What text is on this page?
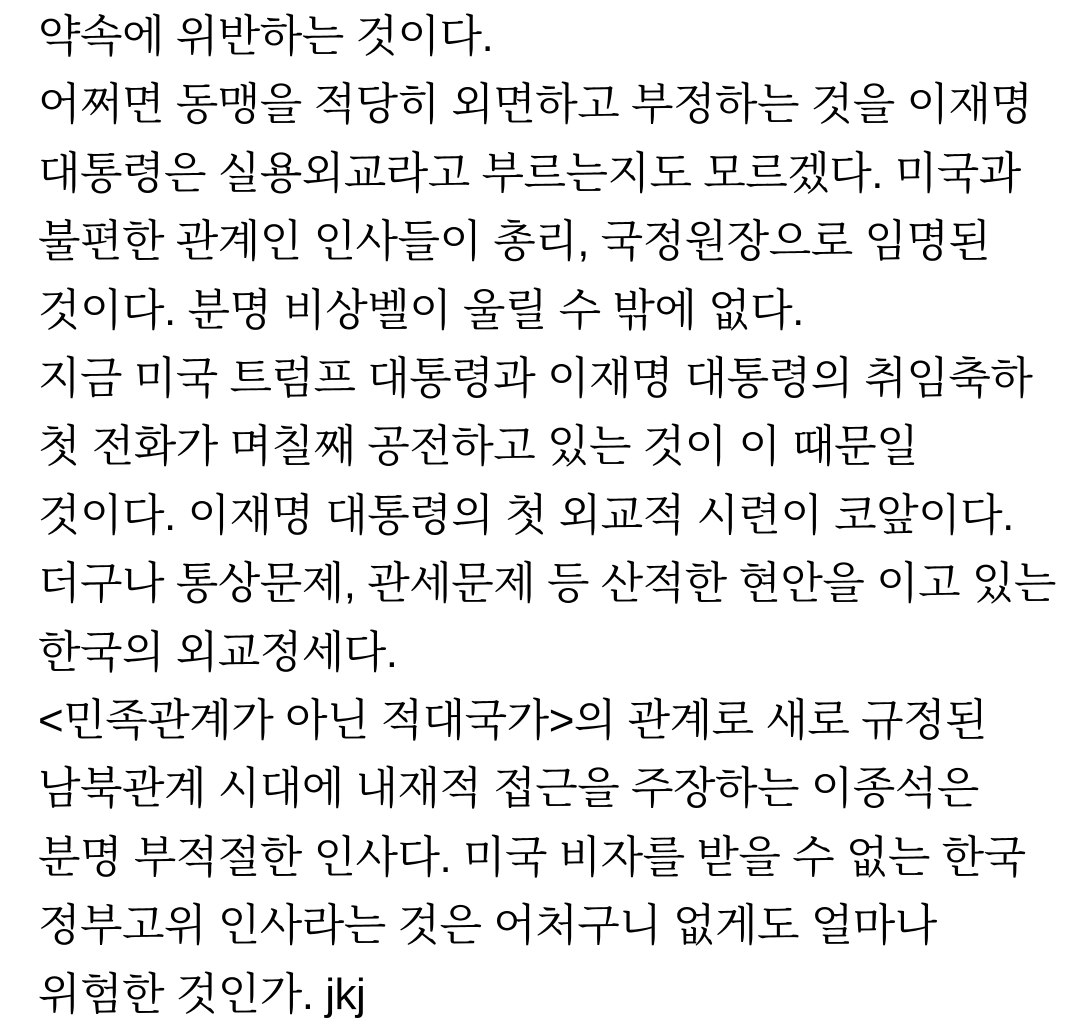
약속에 위반하는 것이다.

어쩌면 동맹을 적당히 외면하고 부정하는 것을 이재명

대통령은 실용외교라고 부르는지도 모르겠다. 미국과

불편한 관계인 인사들이 총리, 국정원장으로 임명된

것이다. 분명 비상벨이 울릴 수 밖에 없다.

지금 미국 트럼프 대통령과 이재명 대통령의 취임축하

첫 전화가 며칠째 공전하고 있는 것이 이 때문일

것이다. 이재명 대통령의 첫 외교적 시련이 코앞이다.

더구나 통상문제, 관세문제 등 산적한 현안을 이고 있는

한국의 외교정세다.

<민족관계가 아닌 적대국가>의 관계로 새로 규정된

남북관계 시대에 내재적 접근을 주장하는 이종석은

분명 부적절한 인사다. 미국 비자를 받을 수 없는 한국

정부고위 인사라는 것은 어처구니 없게도 얼마나

위험한 것인가. jkj
